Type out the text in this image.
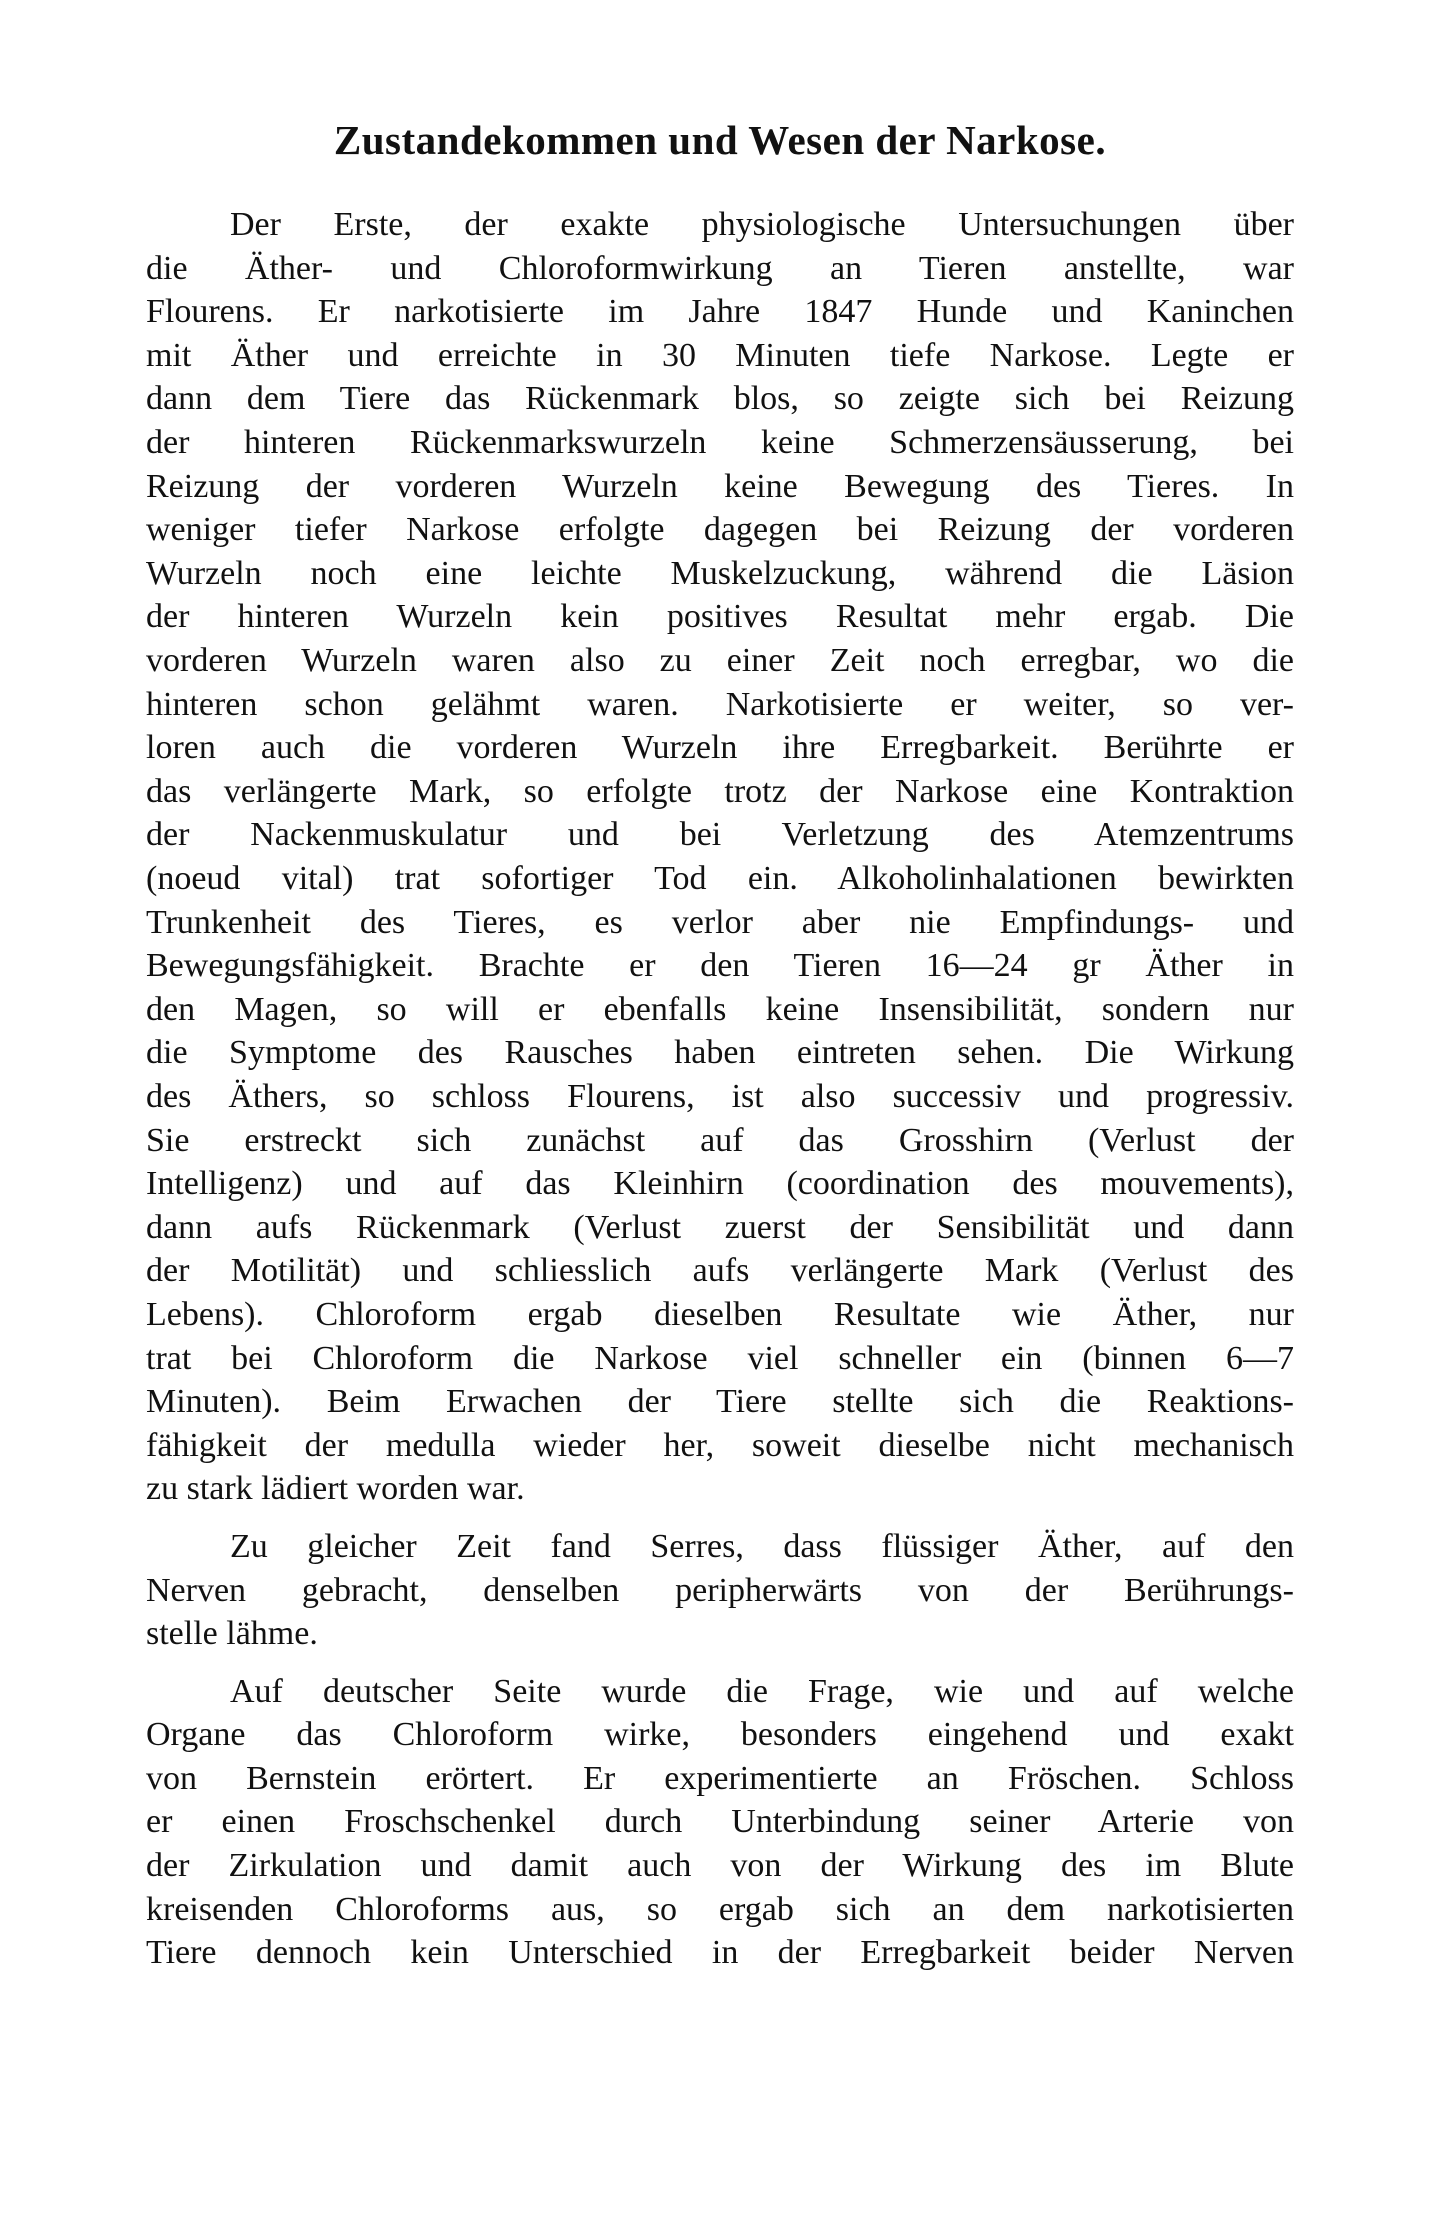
Zustandekommen und Wesen der Narkose.
Der Erste, der exakte physiologische Untersuchungen über
die Äther- und Chloroformwirkung an Tieren anstellte, war
Flourens. Er narkotisierte im Jahre 1847 Hunde und Kaninchen
mit Äther und erreichte in 30 Minuten tiefe Narkose. Legte er
dann dem Tiere das Rückenmark blos, so zeigte sich bei Reizung
der hinteren Rückenmarkswurzeln keine Schmerzensäusserung, bei
Reizung der vorderen Wurzeln keine Bewegung des Tieres. In
weniger tiefer Narkose erfolgte dagegen bei Reizung der vorderen
Wurzeln noch eine leichte Muskelzuckung, während die Läsion
der hinteren Wurzeln kein positives Resultat mehr ergab. Die
vorderen Wurzeln waren also zu einer Zeit noch erregbar, wo die
hinteren schon gelähmt waren. Narkotisierte er weiter, so ver-
loren auch die vorderen Wurzeln ihre Erregbarkeit. Berührte er
das verlängerte Mark, so erfolgte trotz der Narkose eine Kontraktion
der Nackenmuskulatur und bei Verletzung des Atemzentrums
(noeud vital) trat sofortiger Tod ein. Alkoholinhalationen bewirkten
Trunkenheit des Tieres, es verlor aber nie Empfindungs- und
Bewegungsfähigkeit. Brachte er den Tieren 16—24 gr Äther in
den Magen, so will er ebenfalls keine Insensibilität, sondern nur
die Symptome des Rausches haben eintreten sehen. Die Wirkung
des Äthers, so schloss Flourens, ist also successiv und progressiv.
Sie erstreckt sich zunächst auf das Grosshirn (Verlust der
Intelligenz) und auf das Kleinhirn (coordination des mouvements),
dann aufs Rückenmark (Verlust zuerst der Sensibilität und dann
der Motilität) und schliesslich aufs verlängerte Mark (Verlust des
Lebens). Chloroform ergab dieselben Resultate wie Äther, nur
trat bei Chloroform die Narkose viel schneller ein (binnen 6—7
Minuten). Beim Erwachen der Tiere stellte sich die Reaktions-
fähigkeit der medulla wieder her, soweit dieselbe nicht mechanisch
zu stark lädiert worden war.
Zu gleicher Zeit fand Serres, dass flüssiger Äther, auf den
Nerven gebracht, denselben peripherwärts von der Berührungs-
stelle lähme.
Auf deutscher Seite wurde die Frage, wie und auf welche
Organe das Chloroform wirke, besonders eingehend und exakt
von Bernstein erörtert. Er experimentierte an Fröschen. Schloss
er einen Froschschenkel durch Unterbindung seiner Arterie von
der Zirkulation und damit auch von der Wirkung des im Blute
kreisenden Chloroforms aus, so ergab sich an dem narkotisierten
Tiere dennoch kein Unterschied in der Erregbarkeit beider Nerven
